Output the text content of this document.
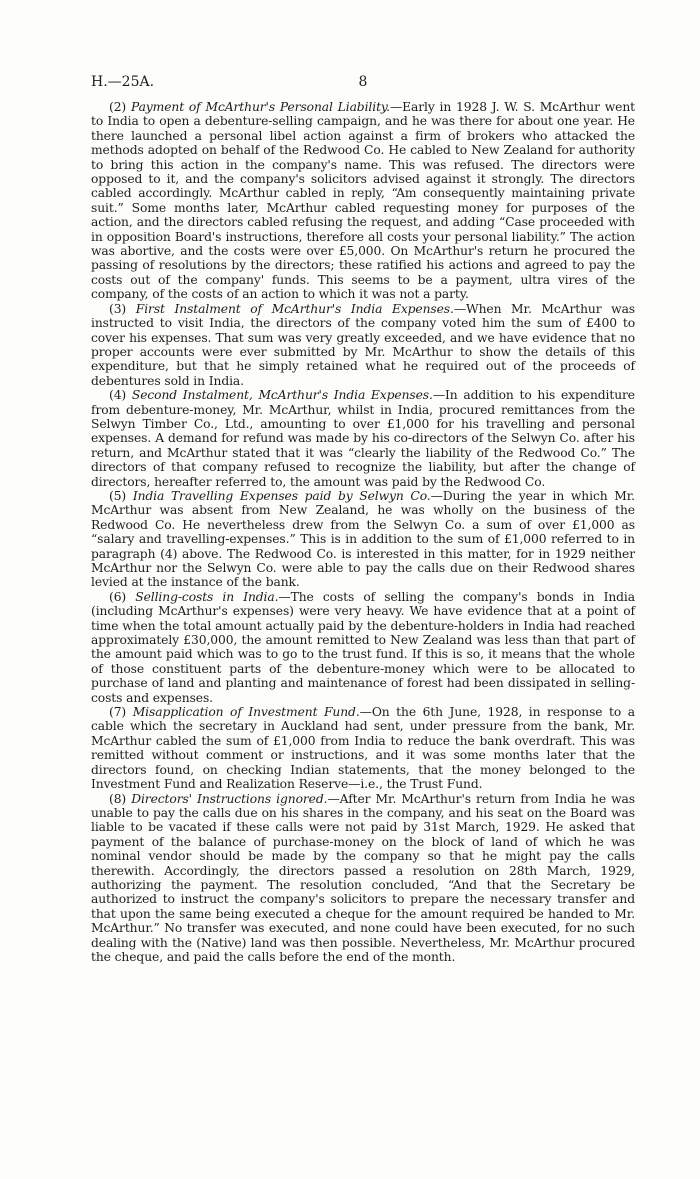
H.—25A.	8

(2) Payment of McArthur's Personal Liability.—Early in 1928 J. W. S. McArthur went to India to open a debenture-selling campaign, and he was there for about one year. He there launched a personal libel action against a firm of brokers who attacked the methods adopted on behalf of the Redwood Co. He cabled to New Zealand for authority to bring this action in the company's name. This was refused. The directors were opposed to it, and the company's solicitors advised against it strongly. The directors cabled accordingly. McArthur cabled in reply, “Am consequently maintaining private suit.” Some months later, McArthur cabled requesting money for purposes of the action, and the directors cabled refusing the request, and adding “Case proceeded with in opposition Board's instructions, therefore all costs your personal liability.” The action was abortive, and the costs were over £5,000. On McArthur's return he procured the passing of resolutions by the directors; these ratified his actions and agreed to pay the costs out of the company' funds. This seems to be a payment, ultra vires of the company, of the costs of an action to which it was not a party.

(3) First Instalment of McArthur's India Expenses.—When Mr. McArthur was instructed to visit India, the directors of the company voted him the sum of £400 to cover his expenses. That sum was very greatly exceeded, and we have evidence that no proper accounts were ever submitted by Mr. McArthur to show the details of this expenditure, but that he simply retained what he required out of the proceeds of debentures sold in India.

(4) Second Instalment, McArthur's India Expenses.—In addition to his expenditure from debenture-money, Mr. McArthur, whilst in India, procured remittances from the Selwyn Timber Co., Ltd., amounting to over £1,000 for his travelling and personal expenses. A demand for refund was made by his co-directors of the Selwyn Co. after his return, and McArthur stated that it was “clearly the liability of the Redwood Co.” The directors of that company refused to recognize the liability, but after the change of directors, hereafter referred to, the amount was paid by the Redwood Co.

(5) India Travelling Expenses paid by Selwyn Co.—During the year in which Mr. McArthur was absent from New Zealand, he was wholly on the business of the Redwood Co. He nevertheless drew from the Selwyn Co. a sum of over £1,000 as “salary and travelling-expenses.” This is in addition to the sum of £1,000 referred to in paragraph (4) above. The Redwood Co. is interested in this matter, for in 1929 neither McArthur nor the Selwyn Co. were able to pay the calls due on their Redwood shares levied at the instance of the bank.

(6) Selling-costs in India.—The costs of selling the company's bonds in India (including McArthur's expenses) were very heavy. We have evidence that at a point of time when the total amount actually paid by the debenture-holders in India had reached approximately £30,000, the amount remitted to New Zealand was less than that part of the amount paid which was to go to the trust fund. If this is so, it means that the whole of those constituent parts of the debenture-money which were to be allocated to purchase of land and planting and maintenance of forest had been dissipated in selling-costs and expenses.

(7) Misapplication of Investment Fund.—On the 6th June, 1928, in response to a cable which the secretary in Auckland had sent, under pressure from the bank, Mr. McArthur cabled the sum of £1,000 from India to reduce the bank overdraft. This was remitted without comment or instructions, and it was some months later that the directors found, on checking Indian statements, that the money belonged to the Investment Fund and Realization Reserve—i.e., the Trust Fund.

(8) Directors' Instructions ignored.—After Mr. McArthur's return from India he was unable to pay the calls due on his shares in the company, and his seat on the Board was liable to be vacated if these calls were not paid by 31st March, 1929. He asked that payment of the balance of purchase-money on the block of land of which he was nominal vendor should be made by the company so that he might pay the calls therewith. Accordingly, the directors passed a resolution on 28th March, 1929, authorizing the payment. The resolution concluded, “And that the Secretary be authorized to instruct the company's solicitors to prepare the necessary transfer and that upon the same being executed a cheque for the amount required be handed to Mr. McArthur.” No transfer was executed, and none could have been executed, for no such dealing with the (Native) land was then possible. Nevertheless, Mr. McArthur procured the cheque, and paid the calls before the end of the month.
